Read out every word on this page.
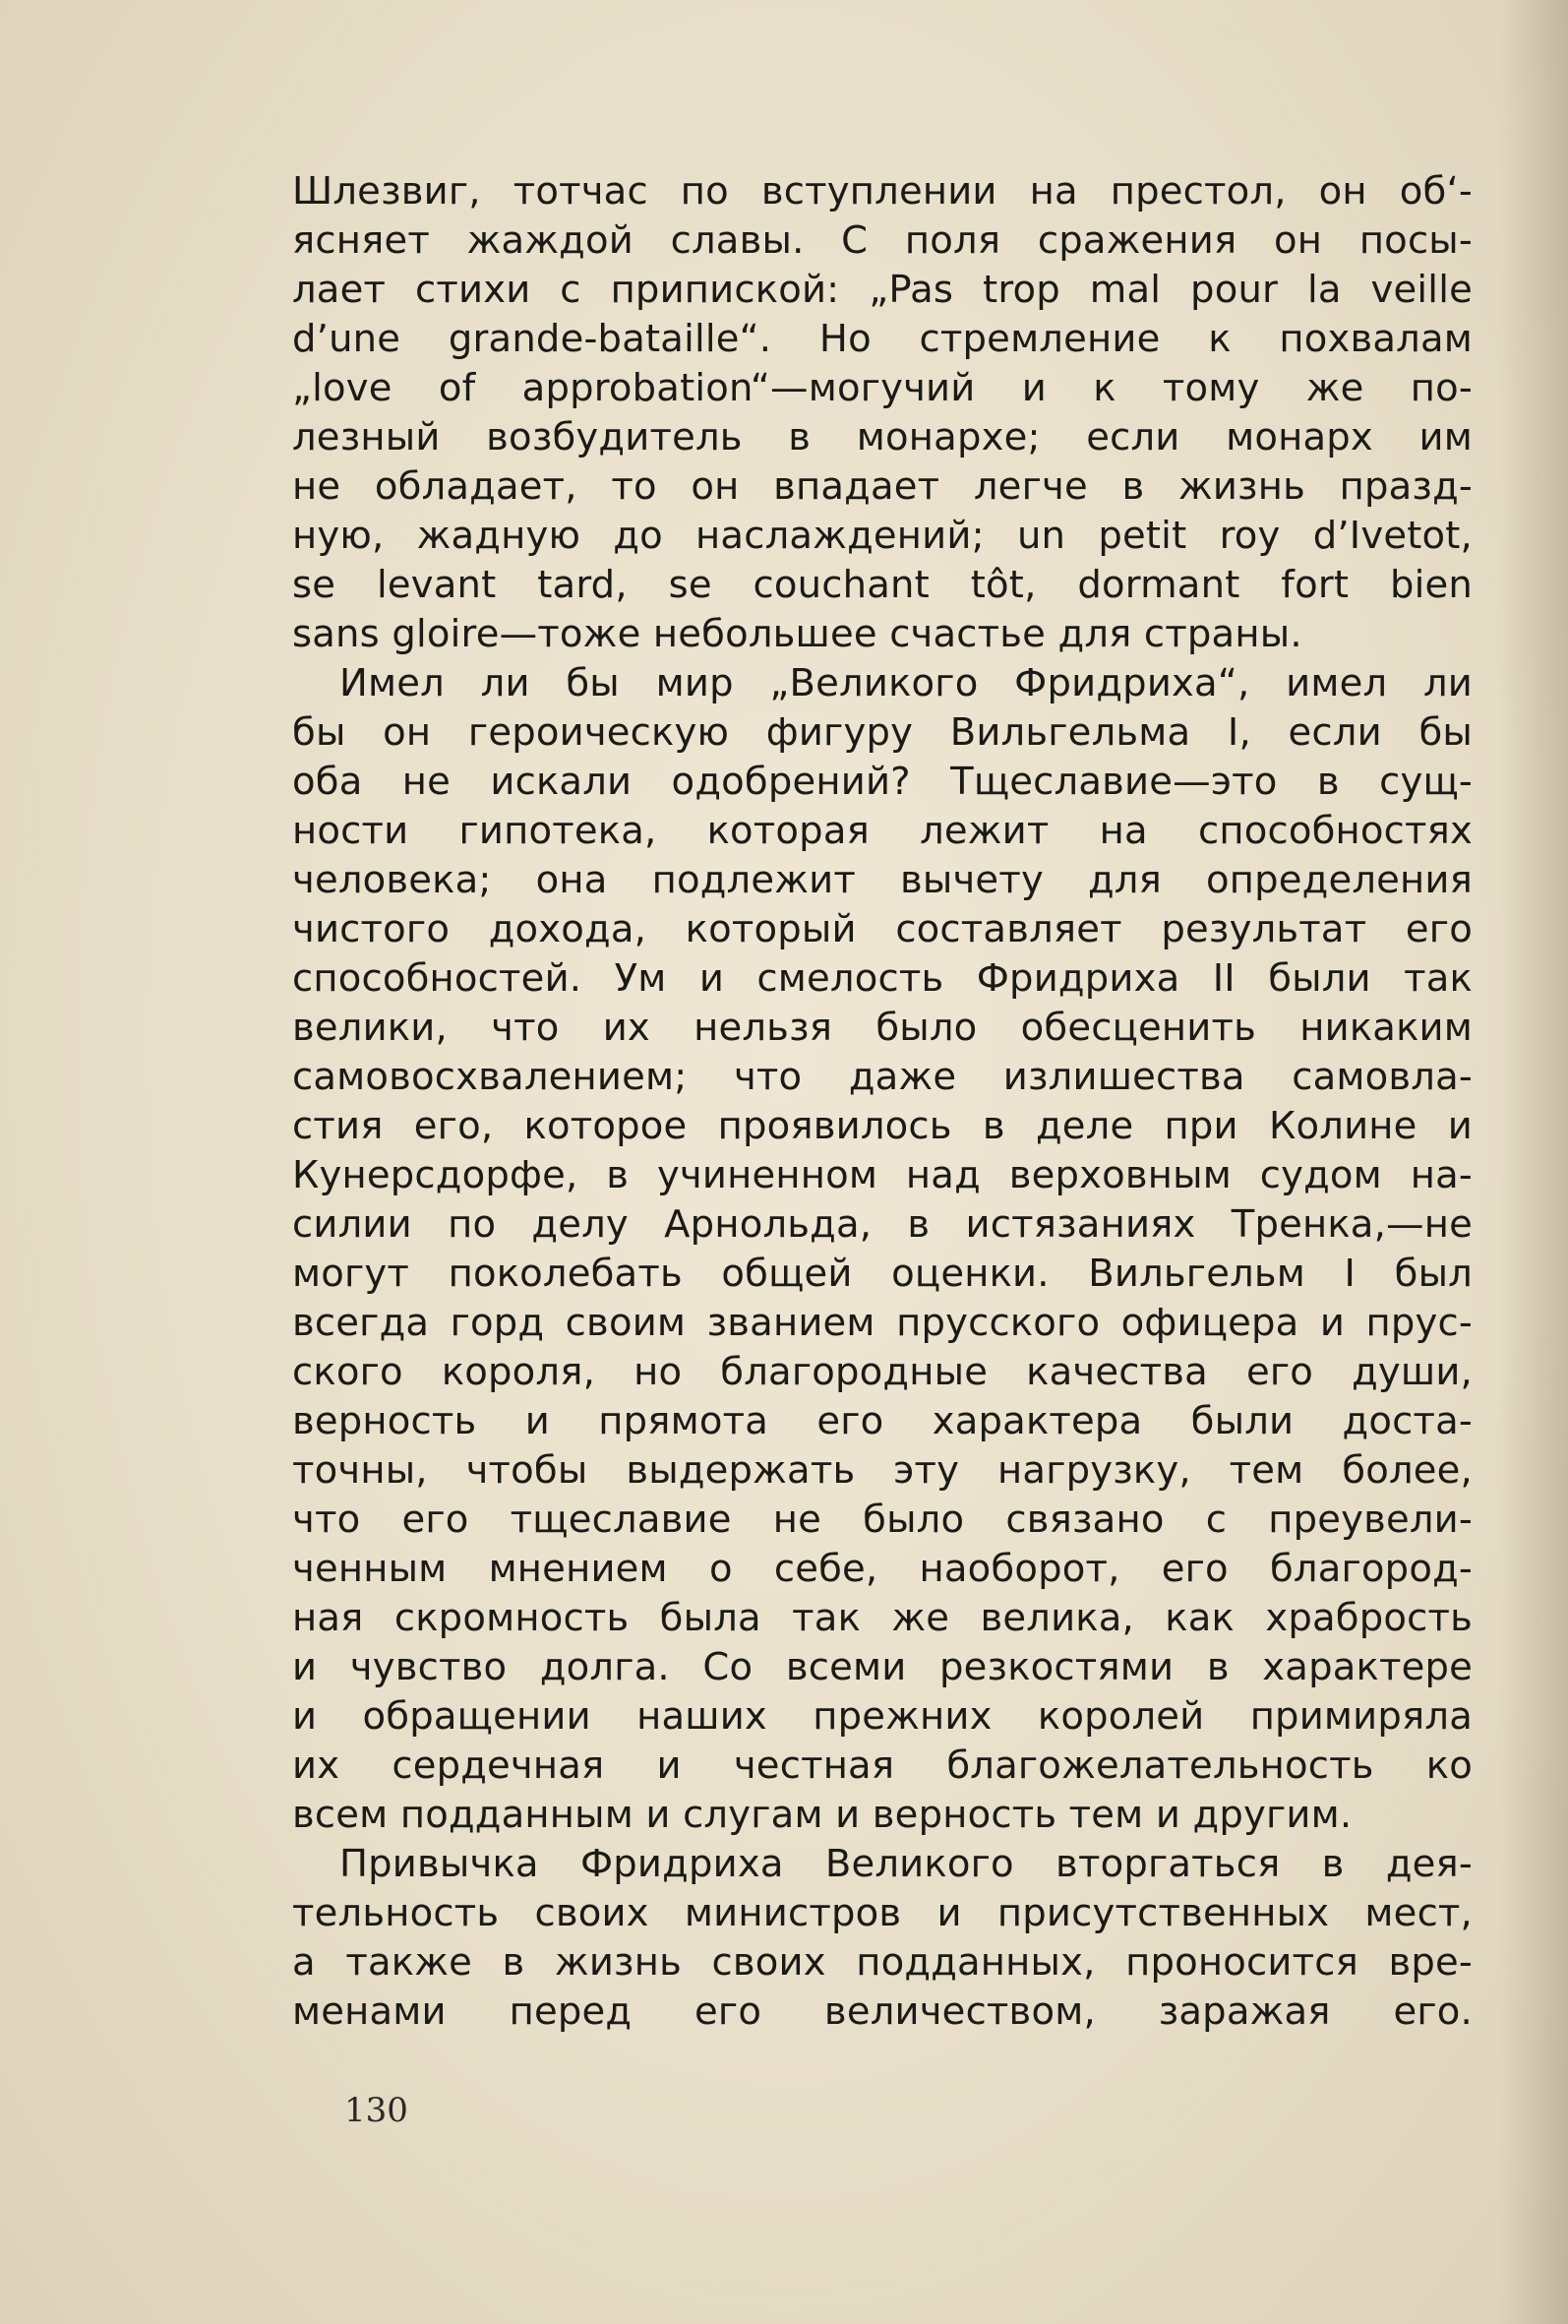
Шлезвиг, тотчас по вступлении на престол, он об‘-
ясняет жаждой славы. С поля сражения он посы-
лает стихи с припиской: „Pas trop mal pour la veille
d’une grande-bataille“. Но стремление к похвалам
„love of approbation“—могучий и к тому же по-
лезный возбудитель в монархе; если монарх им
не обладает, то он впадает легче в жизнь празд-
ную, жадную до наслаждений; un petit roy d’Ivetot,
se levant tard, se couchant tôt, dormant fort bien
sans gloire—тоже небольшее счастье для страны.
Имел ли бы мир „Великого Фридриха“, имел ли
бы он героическую фигуру Вильгельма I, если бы
оба не искали одобрений? Тщеславие—это в сущ-
ности гипотека, которая лежит на способностях
человека; она подлежит вычету для определения
чистого дохода, который составляет результат его
способностей. Ум и смелость Фридриха II были так
велики, что их нельзя было обесценить никаким
самовосхвалением; что даже излишества самовла-
стия его, которое проявилось в деле при Колине и
Кунерсдорфе, в учиненном над верховным судом на-
силии по делу Арнольда, в истязаниях Тренка,—не
могут поколебать общей оценки. Вильгельм I был
всегда горд своим званием прусского офицера и прус-
ского короля, но благородные качества его души,
верность и прямота его характера были доста-
точны, чтобы выдержать эту нагрузку, тем более,
что его тщеславие не было связано с преувели-
ченным мнением о себе, наоборот, его благород-
ная скромность была так же велика, как храбрость
и чувство долга. Со всеми резкостями в характере
и обращении наших прежних королей примиряла
их сердечная и честная благожелательность ко
всем подданным и слугам и верность тем и другим.
Привычка Фридриха Великого вторгаться в дея-
тельность своих министров и присутственных мест,
а также в жизнь своих подданных, проносится вре-
менами перед его величеством, заражая его.
130
